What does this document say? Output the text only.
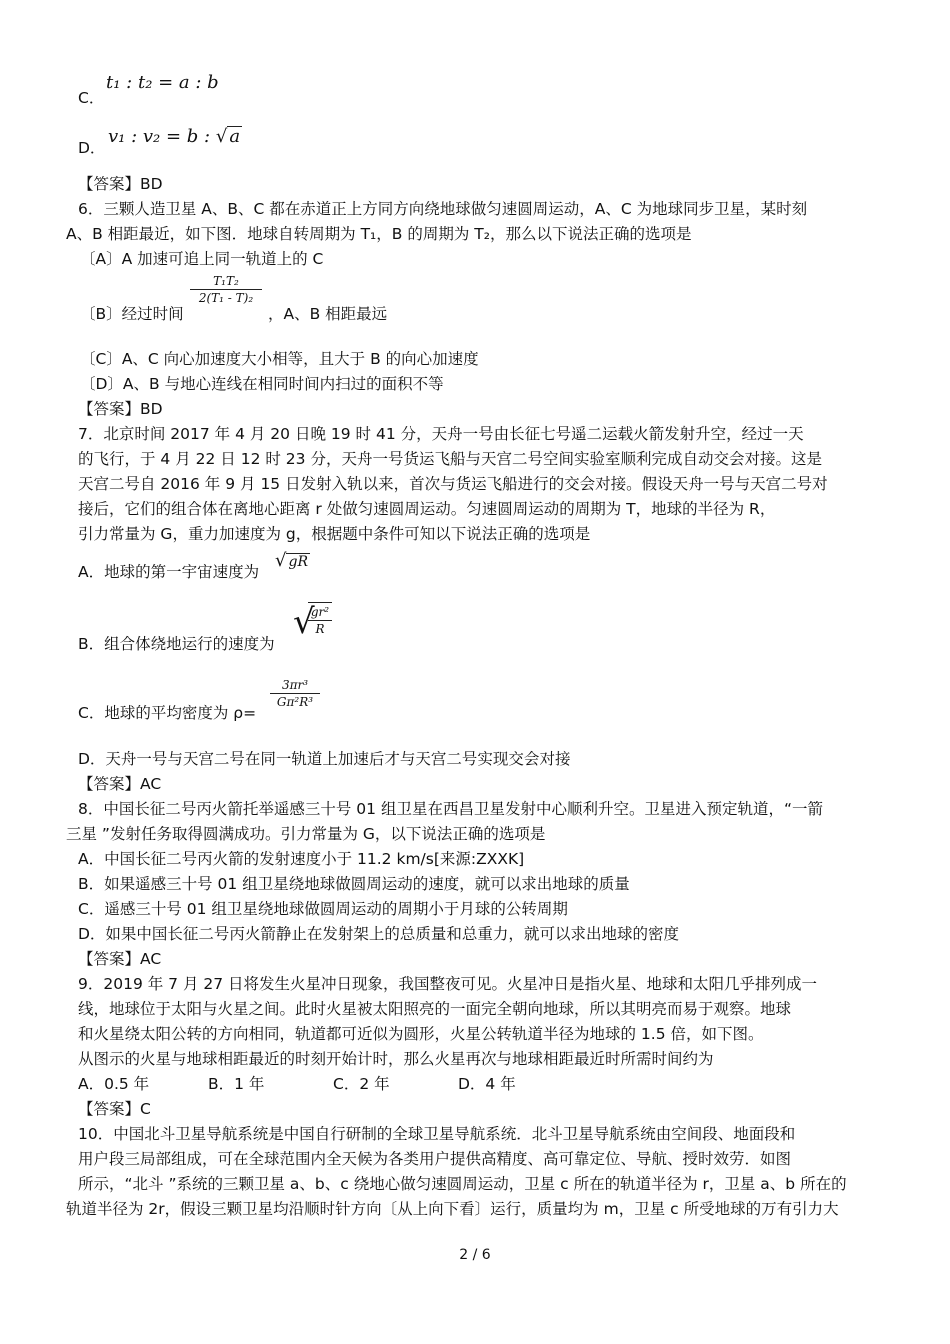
C．
t₁ : t₂ = a : b
D．
v₁ : v₂ = b : √ a
【答案】BD
6．三颗人造卫星 A、B、C 都在赤道正上方同方向绕地球做匀速圆周运动，A、C 为地球同步卫星，某时刻
A、B 相距最近，如下图．地球自转周期为 T₁，B 的周期为 T₂，那么以下说法正确的选项是
〔A〕A 加速可追上同一轨道上的 C
〔B〕经过时间
T₁T₂
2(T₁ - T)₂
，A、B 相距最远
〔C〕A、C 向心加速度大小相等，且大于 B 的向心加速度
〔D〕A、B 与地心连线在相同时间内扫过的面积不等
【答案】BD
7．北京时间 2017 年 4 月 20 日晚 19 时 41 分，天舟一号由长征七号遥二运载火箭发射升空，经过一天
的飞行，于 4 月 22 日 12 时 23 分，天舟一号货运飞船与天宫二号空间实验室顺利完成自动交会对接。这是
天宫二号自 2016 年 9 月 15 日发射入轨以来，首次与货运飞船进行的交会对接。假设天舟一号与天宫二号对
接后，它们的组合体在离地心距离 r 处做匀速圆周运动。匀速圆周运动的周期为 T，地球的半径为 R，
引力常量为 G，重力加速度为 g，根据题中条件可知以下说法正确的选项是
A．地球的第一宇宙速度为
√ gR
B．组合体绕地运行的速度为
√
gr²
R
C．地球的平均密度为 ρ=
3πr³
Gπ²R³
D．天舟一号与天宫二号在同一轨道上加速后才与天宫二号实现交会对接
【答案】AC
8．中国长征二号丙火箭托举遥感三十号 01 组卫星在西昌卫星发射中心顺利升空。卫星进入预定轨道，“一箭
三星 ”发射任务取得圆满成功。引力常量为 G，以下说法正确的选项是
A．中国长征二号丙火箭的发射速度小于 11.2 km/s[来源:ZXXK]
B．如果遥感三十号 01 组卫星绕地球做圆周运动的速度，就可以求出地球的质量
C．遥感三十号 01 组卫星绕地球做圆周运动的周期小于月球的公转周期
D．如果中国长征二号丙火箭静止在发射架上的总质量和总重力，就可以求出地球的密度
【答案】AC
9．2019 年 7 月 27 日将发生火星冲日现象，我国整夜可见。火星冲日是指火星、地球和太阳几乎排列成一
线，地球位于太阳与火星之间。此时火星被太阳照亮的一面完全朝向地球，所以其明亮而易于观察。地球
和火星绕太阳公转的方向相同，轨道都可近似为圆形，火星公转轨道半径为地球的 1.5 倍，如下图。
从图示的火星与地球相距最近的时刻开始计时，那么火星再次与地球相距最近时所需时间约为
A．0.5 年	B．1 年	C．2 年	D．4 年
【答案】C
10．中国北斗卫星导航系统是中国自行研制的全球卫星导航系统．北斗卫星导航系统由空间段、地面段和
用户段三局部组成，可在全球范围内全天候为各类用户提供高精度、高可靠定位、导航、授时效劳．如图
所示，“北斗 ”系统的三颗卫星 a、b、c 绕地心做匀速圆周运动，卫星 c 所在的轨道半径为 r，卫星 a、b 所在的
轨道半径为 2r，假设三颗卫星均沿顺时针方向〔从上向下看〕运行，质量均为 m，卫星 c 所受地球的万有引力大
2 / 6
